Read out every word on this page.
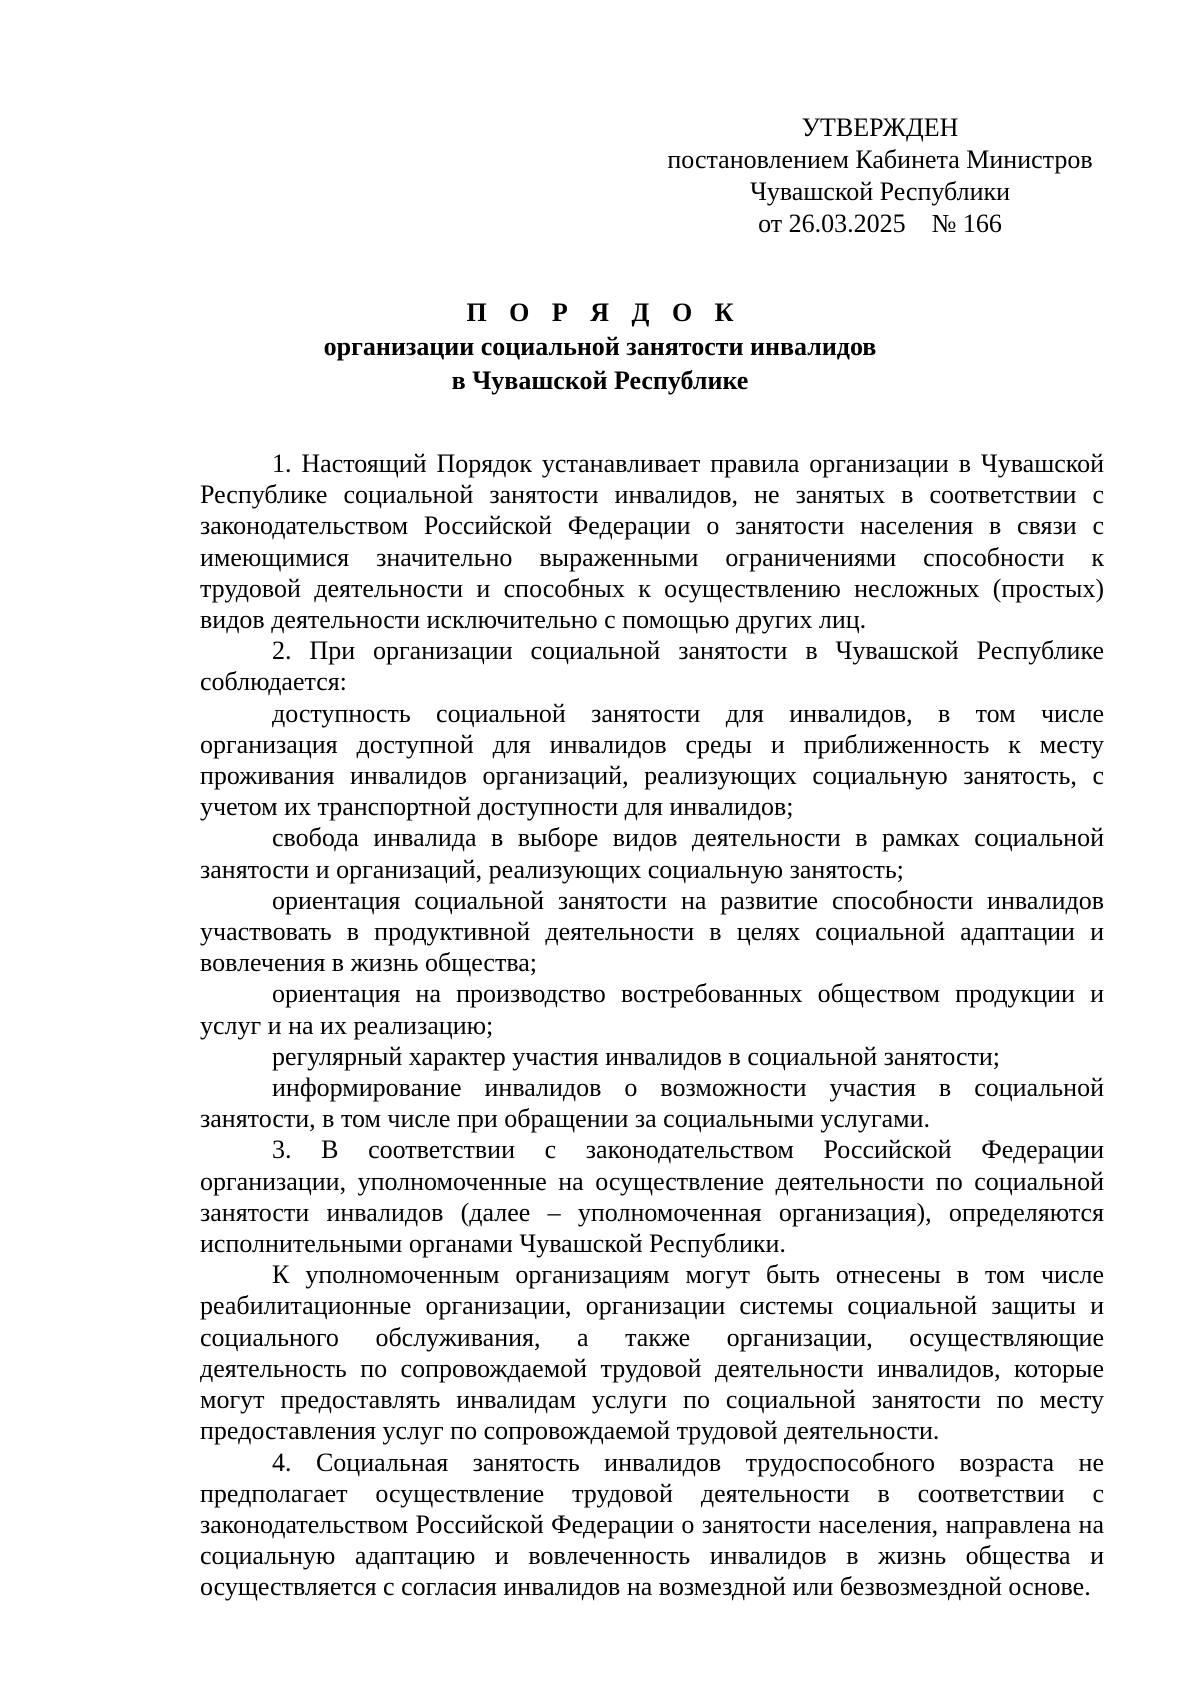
УТВЕРЖДЕН
постановлением Кабинета Министров
Чувашской Республики
от 26.03.2025    № 166
П О Р Я Д О К
организации социальной занятости инвалидов
в Чувашской Республике

1. Настоящий Порядок устанавливает правила организации в Чувашской Республике социальной занятости инвалидов, не занятых в соответствии с законодательством Российской Федерации о занятости населения в связи с имеющимися значительно выраженными ограничениями способности к трудовой деятельности и способных к осуществлению несложных (простых) видов деятельности исключительно с помощью других лиц.

2. При организации социальной занятости в Чувашской Республике соблюдается:

доступность социальной занятости для инвалидов, в том числе организация доступной для инвалидов среды и приближенность к месту проживания инвалидов организаций, реализующих социальную занятость, с учетом их транспортной доступности для инвалидов;

свобода инвалида в выборе видов деятельности в рамках социальной занятости и организаций, реализующих социальную занятость;

ориентация социальной занятости на развитие способности инвалидов участвовать в продуктивной деятельности в целях социальной адаптации и вовлечения в жизнь общества;

ориентация на производство востребованных обществом продукции и услуг и на их реализацию;

регулярный характер участия инвалидов в социальной занятости;

информирование инвалидов о возможности участия в социальной занятости, в том числе при обращении за социальными услугами.

3. В соответствии с законодательством Российской Федерации организации, уполномоченные на осуществление деятельности по социальной занятости инвалидов (далее – уполномоченная организация), определяются исполнительными органами Чувашской Республики.

К уполномоченным организациям могут быть отнесены в том числе реабилитационные организации, организации системы социальной защиты и социального обслуживания, а также организации, осуществляющие деятельность по сопровождаемой трудовой деятельности инвалидов, которые могут предоставлять инвалидам услуги по социальной занятости по месту предоставления услуг по сопровождаемой трудовой деятельности.

4. Социальная занятость инвалидов трудоспособного возраста не предполагает осуществление трудовой деятельности в соответствии с законодательством Российской Федерации о занятости населения, направлена на социальную адаптацию и вовлеченность инвалидов в жизнь общества и осуществляется с согласия инвалидов на возмездной или безвозмездной основе.
